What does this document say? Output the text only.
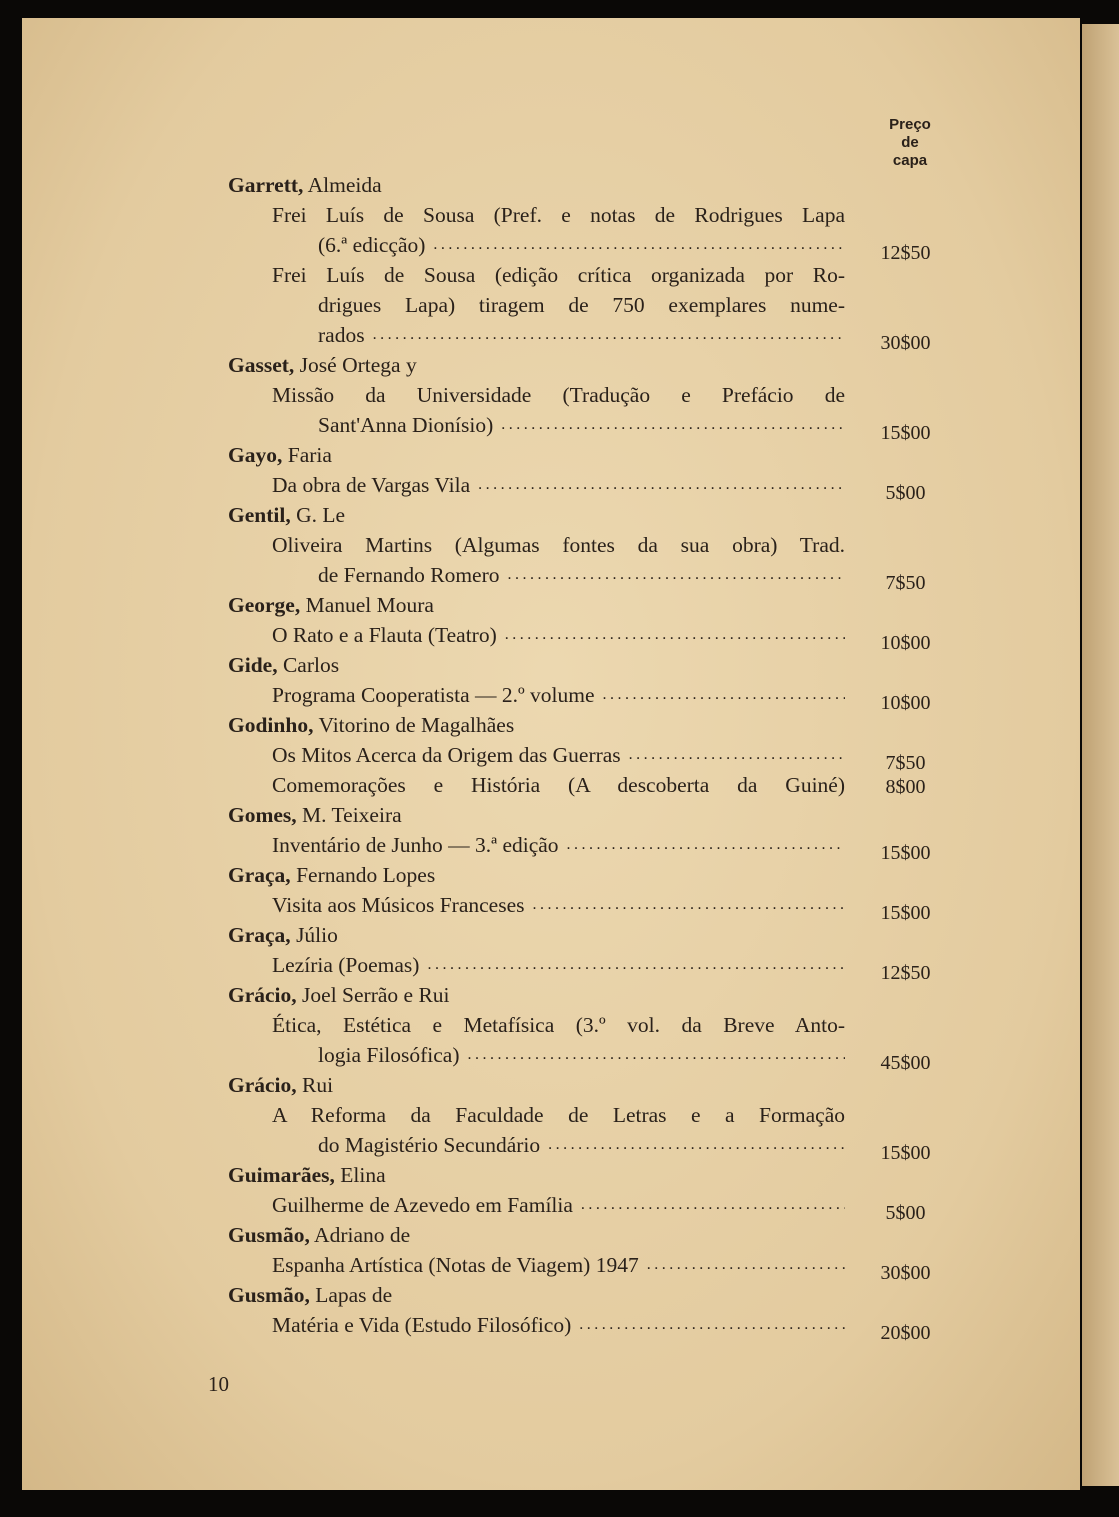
Preço
de
capa
Garrett, Almeida
Frei Luís de Sousa (Pref. e notas de Rodrigues Lapa
(6.ª edicção) .....	12$50
Frei Luís de Sousa (edição crítica organizada por Ro-
drigues Lapa) tiragem de 750 exemplares nume-
rados .....	30$00
Gasset, José Ortega y
Missão da Universidade (Tradução e Prefácio de
Sant'Anna Dionísio) .....	15$00
Gayo, Faria
Da obra de Vargas Vila .....	5$00
Gentil, G. Le
Oliveira Martins (Algumas fontes da sua obra) Trad.
de Fernando Romero .....	7$50
George, Manuel Moura
O Rato e a Flauta (Teatro) .....	10$00
Gide, Carlos
Programa Cooperatista — 2.º volume .....	10$00
Godinho, Vitorino de Magalhães
Os Mitos Acerca da Origem das Guerras .....	7$50
Comemorações e História (A descoberta da Guiné)	8$00
Gomes, M. Teixeira
Inventário de Junho — 3.ª edição .....	15$00
Graça, Fernando Lopes
Visita aos Músicos Franceses .....	15$00
Graça, Júlio
Lezíria (Poemas) .....	12$50
Grácio, Joel Serrão e Rui
Ética, Estética e Metafísica (3.º vol. da Breve Anto-
logia Filosófica) .....	45$00
Grácio, Rui
A Reforma da Faculdade de Letras e a Formação
do Magistério Secundário .....	15$00
Guimarães, Elina
Guilherme de Azevedo em Família .....	5$00
Gusmão, Adriano de
Espanha Artística (Notas de Viagem) 1947 .....	30$00
Gusmão, Lapas de
Matéria e Vida (Estudo Filosófico) .....	20$00
10
